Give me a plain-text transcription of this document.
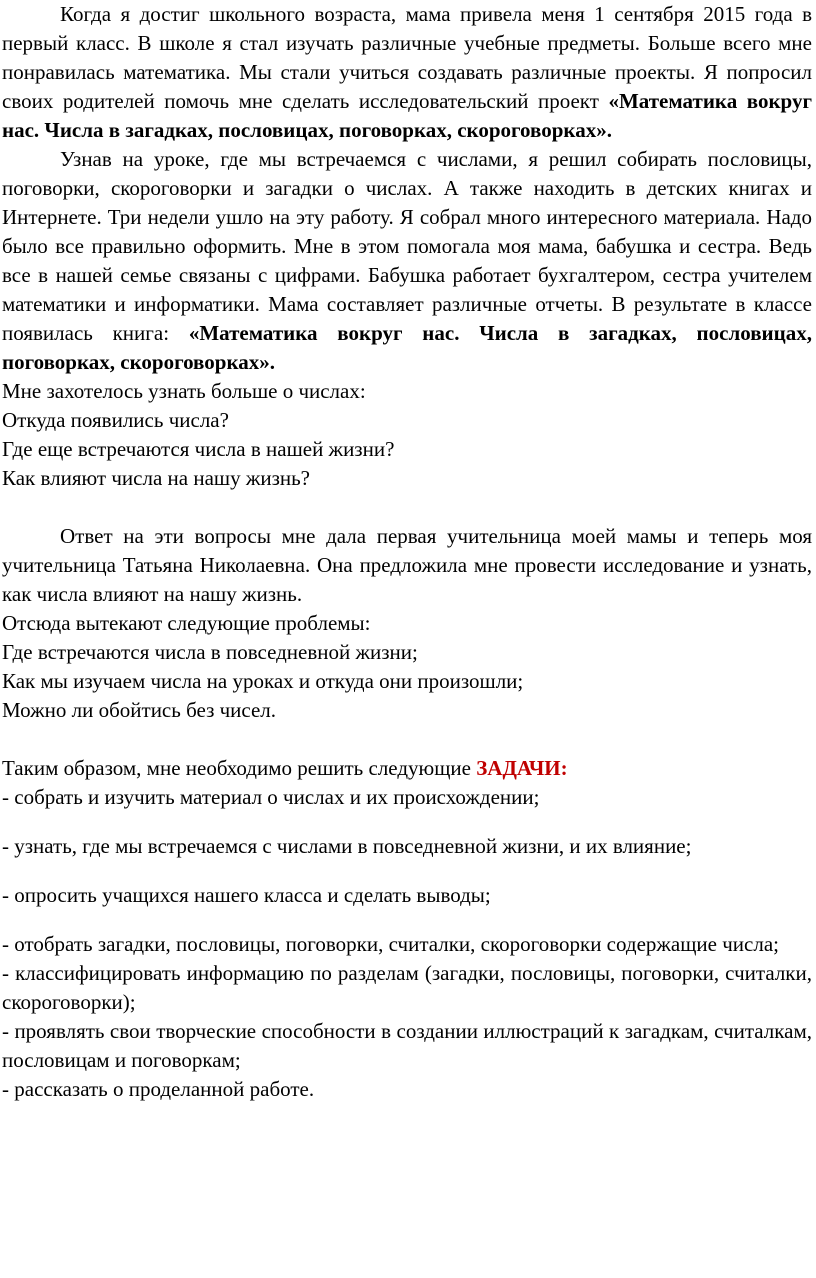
Когда я достиг школьного возраста, мама привела меня 1 сентября 2015 года в первый класс. В школе я стал изучать различные учебные предметы. Больше всего мне понравилась математика. Мы стали учиться создавать различные проекты. Я попросил своих родителей помочь мне сделать исследовательский проект «Математика вокруг нас. Числа в загадках, пословицах, поговорках, скороговорках».

Узнав на уроке, где мы встречаемся с числами, я решил собирать пословицы, поговорки, скороговорки и загадки о числах. А также находить в детских книгах и Интернете. Три недели ушло на эту работу. Я собрал много интересного материала. Надо было все правильно оформить. Мне в этом помогала моя мама, бабушка и сестра. Ведь все в нашей семье связаны с цифрами. Бабушка работает бухгалтером, сестра учителем математики и информатики. Мама составляет различные отчеты. В результате в классе появилась книга: «Математика вокруг нас. Числа в загадках, пословицах, поговорках, скороговорках».

Мне захотелось узнать больше о числах:

Откуда появились числа?

Где еще встречаются числа в нашей жизни?

Как влияют числа на нашу жизнь?

Ответ на эти вопросы мне дала первая учительница моей мамы и теперь моя учительница Татьяна Николаевна. Она предложила мне провести исследование и узнать, как числа влияют на нашу жизнь.

Отсюда вытекают следующие проблемы:

Где встречаются числа в повседневной жизни;

Как мы изучаем числа на уроках и откуда они произошли;

Можно ли обойтись без чисел.

Таким образом, мне необходимо решить следующие ЗАДАЧИ:

- собрать и изучить материал о числах и их происхождении;

- узнать, где мы встречаемся с числами в повседневной жизни, и их влияние;

- опросить учащихся нашего класса и сделать выводы;

- отобрать загадки, пословицы, поговорки, считалки, скороговорки содержащие числа;

- классифицировать информацию по разделам (загадки, пословицы, поговорки, считалки, скороговорки);

- проявлять свои творческие способности в создании иллюстраций к загадкам, считалкам, пословицам и поговоркам;

- рассказать о проделанной работе.
